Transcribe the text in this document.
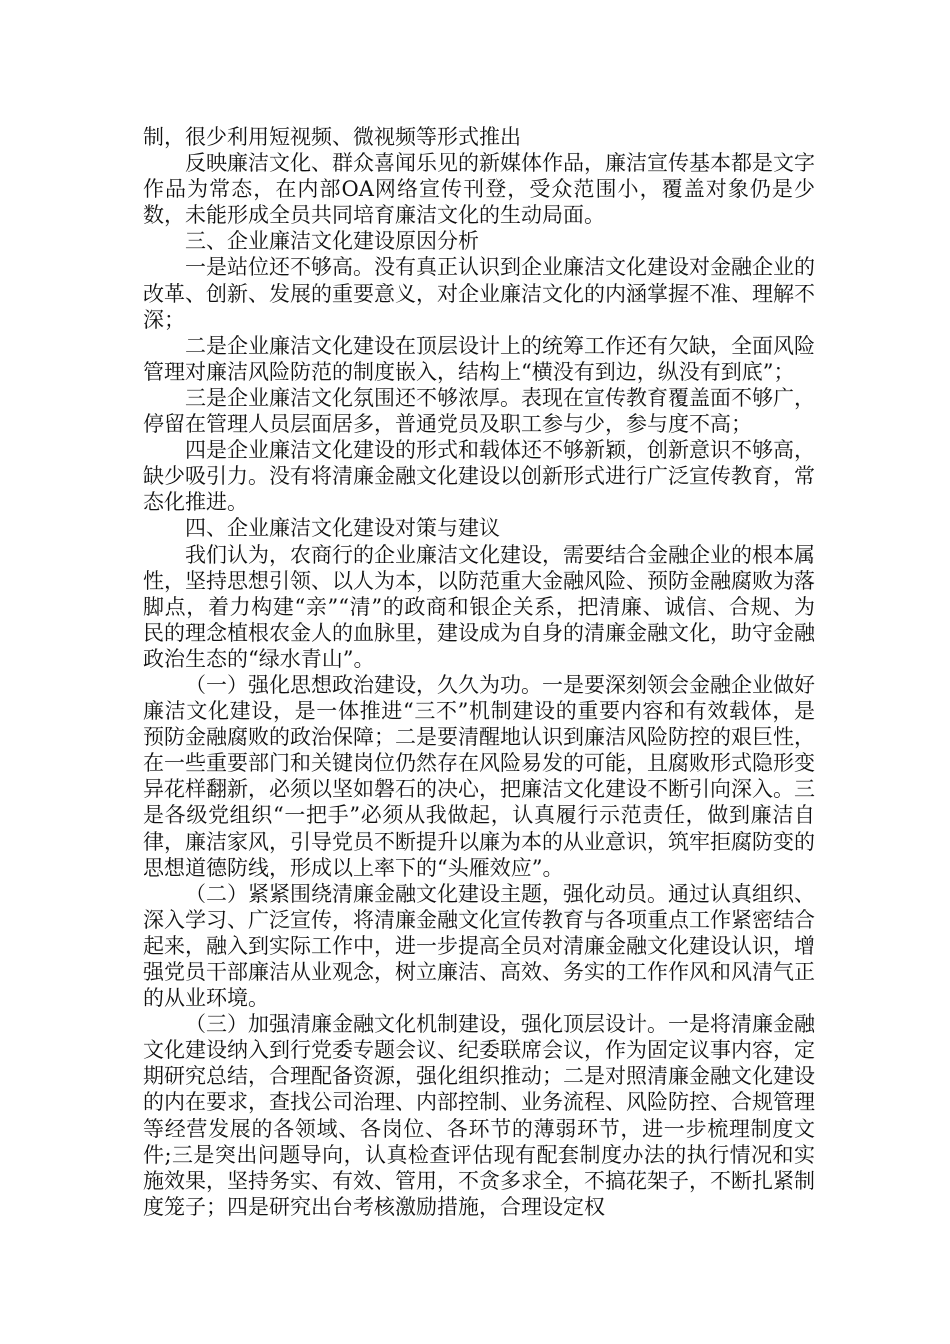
制，很少利用短视频、微视频等形式推出

反映廉洁文化、群众喜闻乐见的新媒体作品，廉洁宣传基本都是文字作品为常态，在内部OA网络宣传刊登，受众范围小，覆盖对象仍是少数，未能形成全员共同培育廉洁文化的生动局面。

三、企业廉洁文化建设原因分析

一是站位还不够高。没有真正认识到企业廉洁文化建设对金融企业的改革、创新、发展的重要意义，对企业廉洁文化的内涵掌握不准、理解不深；

二是企业廉洁文化建设在顶层设计上的统筹工作还有欠缺，全面风险管理对廉洁风险防范的制度嵌入，结构上“横没有到边，纵没有到底”；

三是企业廉洁文化氛围还不够浓厚。表现在宣传教育覆盖面不够广，停留在管理人员层面居多，普通党员及职工参与少，参与度不高；

四是企业廉洁文化建设的形式和载体还不够新颖，创新意识不够高，缺少吸引力。没有将清廉金融文化建设以创新形式进行广泛宣传教育，常态化推进。

四、企业廉洁文化建设对策与建议

我们认为，农商行的企业廉洁文化建设，需要结合金融企业的根本属性，坚持思想引领、以人为本，以防范重大金融风险、预防金融腐败为落脚点，着力构建“亲”“清”的政商和银企关系，把清廉、诚信、合规、为民的理念植根农金人的血脉里，建设成为自身的清廉金融文化，助守金融政治生态的“绿水青山”。

（一）强化思想政治建设，久久为功。一是要深刻领会金融企业做好廉洁文化建设，是一体推进“三不”机制建设的重要内容和有效载体，是预防金融腐败的政治保障；二是要清醒地认识到廉洁风险防控的艰巨性，在一些重要部门和关键岗位仍然存在风险易发的可能，且腐败形式隐形变异花样翻新，必须以坚如磐石的决心，把廉洁文化建设不断引向深入。三是各级党组织“一把手”必须从我做起，认真履行示范责任，做到廉洁自律，廉洁家风，引导党员不断提升以廉为本的从业意识，筑牢拒腐防变的思想道德防线，形成以上率下的“头雁效应”。

（二）紧紧围绕清廉金融文化建设主题，强化动员。通过认真组织、深入学习、广泛宣传，将清廉金融文化宣传教育与各项重点工作紧密结合起来，融入到实际工作中，进一步提高全员对清廉金融文化建设认识，增强党员干部廉洁从业观念，树立廉洁、高效、务实的工作作风和风清气正的从业环境。

（三）加强清廉金融文化机制建设，强化顶层设计。一是将清廉金融文化建设纳入到行党委专题会议、纪委联席会议，作为固定议事内容，定期研究总结，合理配备资源，强化组织推动；二是对照清廉金融文化建设的内在要求，查找公司治理、内部控制、业务流程、风险防控、合规管理等经营发展的各领域、各岗位、各环节的薄弱环节，进一步梳理制度文件;三是突出问题导向，认真检查评估现有配套制度办法的执行情况和实施效果，坚持务实、有效、管用，不贪多求全，不搞花架子，不断扎紧制度笼子；四是研究出台考核激励措施，合理设定权
